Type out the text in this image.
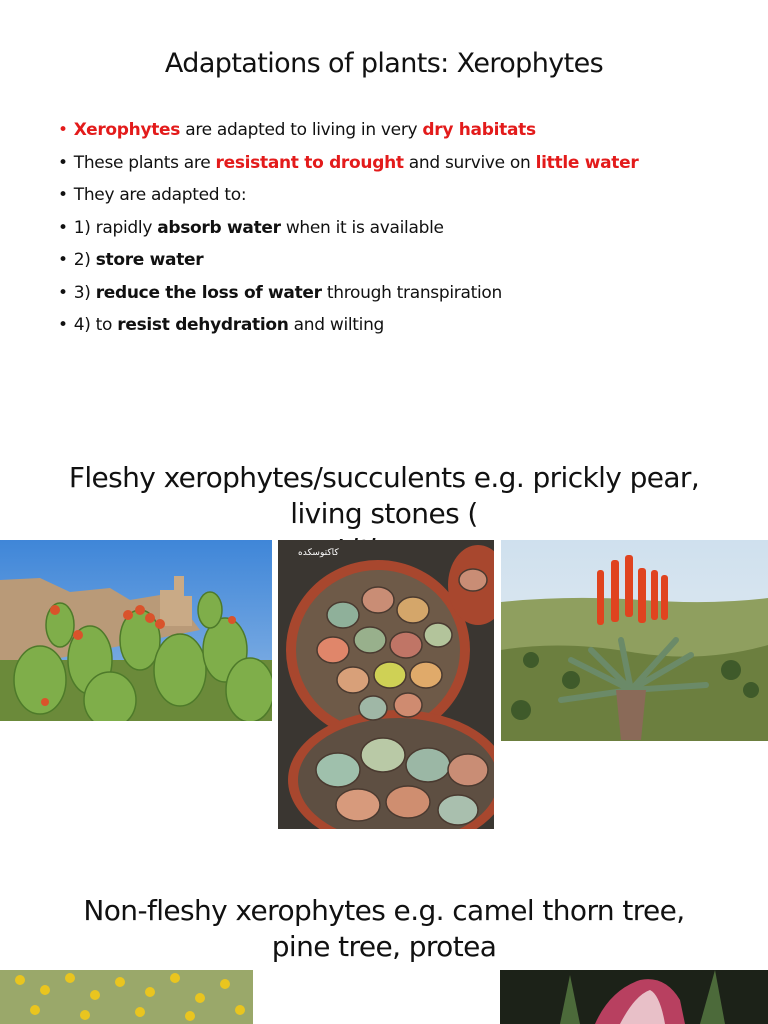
Adaptations of plants: Xerophytes
• Xerophytes are adapted to living in very dry habitats
• These plants are resistant to drought and survive on little water
• They are adapted to:
• 1) rapidly absorb water when it is available
• 2) store water
• 3) reduce the loss of water through transpiration
• 4) to resist dehydration and wilting
Fleshy xerophytes/succulents e.g. prickly pear,
living stones (
کاکتوسکده
Non-fleshy xerophytes e.g. camel thorn tree,
pine tree, protea
